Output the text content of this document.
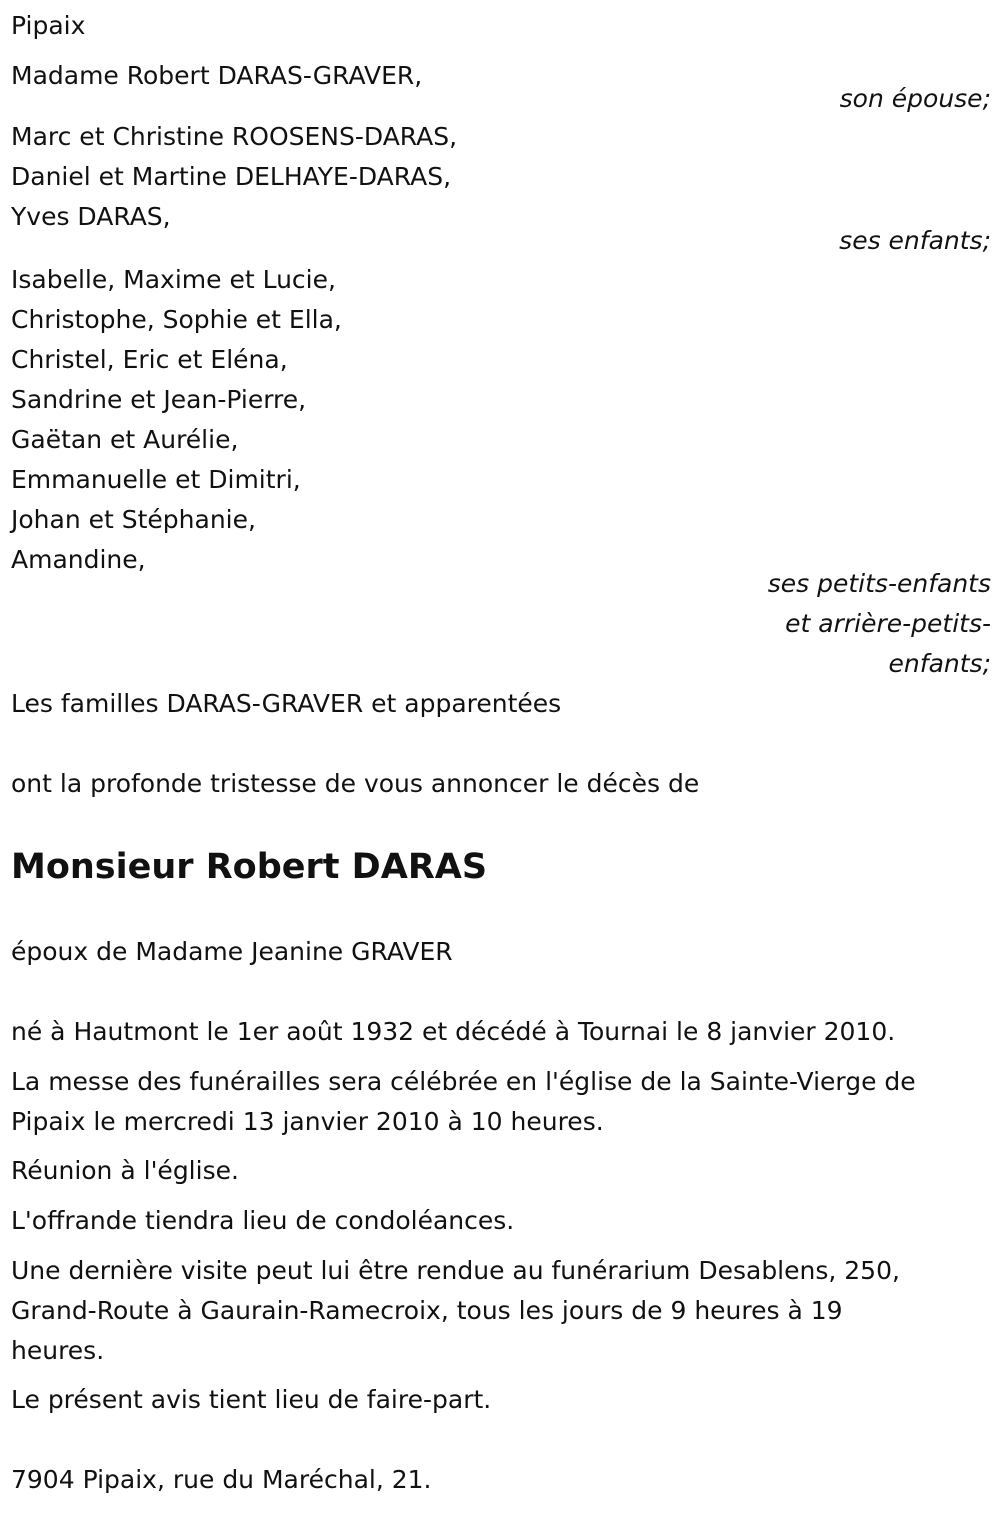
Pipaix
Madame Robert DARAS-GRAVER,
son épouse;
Marc et Christine ROOSENS-DARAS,
Daniel et Martine DELHAYE-DARAS,
Yves DARAS,
ses enfants;
Isabelle, Maxime et Lucie,
Christophe, Sophie et Ella,
Christel, Eric et Eléna,
Sandrine et Jean-Pierre,
Gaëtan et Aurélie,
Emmanuelle et Dimitri,
Johan et Stéphanie,
Amandine,
ses petits-enfants
et arrière-petits-
enfants;
Les familles DARAS-GRAVER et apparentées
ont la profonde tristesse de vous annoncer le décès de
Monsieur Robert DARAS
époux de Madame Jeanine GRAVER
né à Hautmont le 1er août 1932 et décédé à Tournai le 8 janvier 2010.
La messe des funérailles sera célébrée en l'église de la Sainte-Vierge de
Pipaix le mercredi 13 janvier 2010 à 10 heures.
Réunion à l'église.
L'offrande tiendra lieu de condoléances.
Une dernière visite peut lui être rendue au funérarium Desablens, 250,
Grand-Route à Gaurain-Ramecroix, tous les jours de 9 heures à 19
heures.
Le présent avis tient lieu de faire-part.
7904 Pipaix, rue du Maréchal, 21.
